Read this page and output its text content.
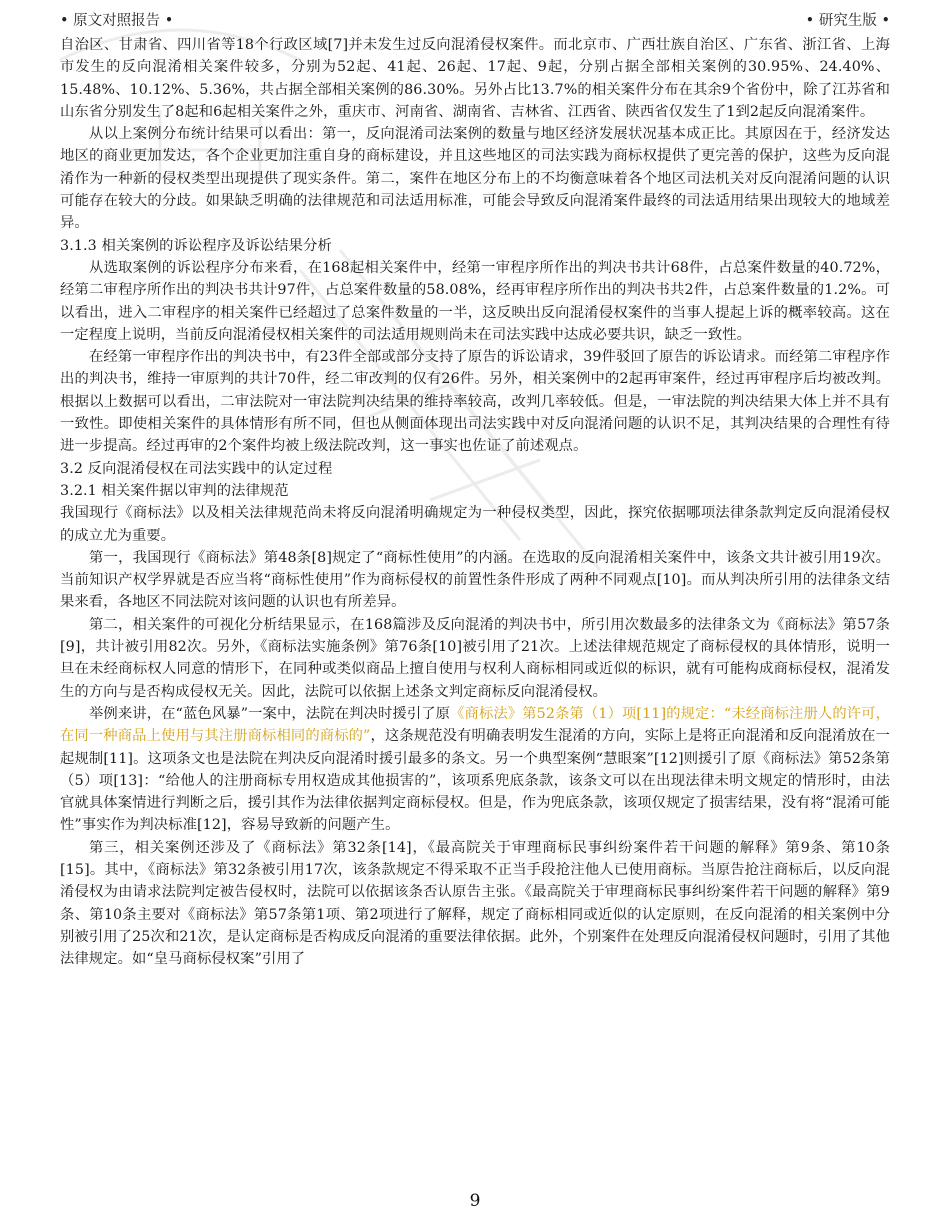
• 原文对照报告 •	• 研究生版 •

自治区、甘肃省、四川省等18个行政区域[7]并未发生过反向混淆侵权案件。而北京市、广西壮族自治区、广东省、浙江省、上海市发生的反向混淆相关案件较多，分别为52起、41起、26起、17起、9起，分别占据全部相关案例的30.95%、24.40%、15.48%、10.12%、5.36%，共占据全部相关案例的86.30%。另外占比13.7%的相关案件分布在其余9个省份中，除了江苏省和山东省分别发生了8起和6起相关案件之外，重庆市、河南省、湖南省、吉林省、江西省、陕西省仅发生了1到2起反向混淆案件。

从以上案例分布统计结果可以看出：第一，反向混淆司法案例的数量与地区经济发展状况基本成正比。其原因在于，经济发达地区的商业更加发达，各个企业更加注重自身的商标建设，并且这些地区的司法实践为商标权提供了更完善的保护，这些为反向混淆作为一种新的侵权类型出现提供了现实条件。第二，案件在地区分布上的不均衡意味着各个地区司法机关对反向混淆问题的认识可能存在较大的分歧。如果缺乏明确的法律规范和司法适用标准，可能会导致反向混淆案件最终的司法适用结果出现较大的地域差异。

3.1.3 相关案例的诉讼程序及诉讼结果分析

从选取案例的诉讼程序分布来看，在168起相关案件中，经第一审程序所作出的判决书共计68件，占总案件数量的40.72%，经第二审程序所作出的判决书共计97件，占总案件数量的58.08%，经再审程序所作出的判决书共2件，占总案件数量的1.2%。可以看出，进入二审程序的相关案件已经超过了总案件数量的一半，这反映出反向混淆侵权案件的当事人提起上诉的概率较高。这在一定程度上说明，当前反向混淆侵权相关案件的司法适用规则尚未在司法实践中达成必要共识，缺乏一致性。

在经第一审程序作出的判决书中，有23件全部或部分支持了原告的诉讼请求，39件驳回了原告的诉讼请求。而经第二审程序作出的判决书，维持一审原判的共计70件，经二审改判的仅有26件。另外，相关案例中的2起再审案件，经过再审程序后均被改判。根据以上数据可以看出，二审法院对一审法院判决结果的维持率较高，改判几率较低。但是，一审法院的判决结果大体上并不具有一致性。即使相关案件的具体情形有所不同，但也从侧面体现出司法实践中对反向混淆问题的认识不足，其判决结果的合理性有待进一步提高。经过再审的2个案件均被上级法院改判，这一事实也佐证了前述观点。

3.2 反向混淆侵权在司法实践中的认定过程

3.2.1 相关案件据以审判的法律规范

我国现行《商标法》以及相关法律规范尚未将反向混淆明确规定为一种侵权类型，因此，探究依据哪项法律条款判定反向混淆侵权的成立尤为重要。

第一，我国现行《商标法》第48条[8]规定了“商标性使用”的内涵。在选取的反向混淆相关案件中，该条文共计被引用19次。当前知识产权学界就是否应当将“商标性使用”作为商标侵权的前置性条件形成了两种不同观点[10]。而从判决所引用的法律条文结果来看，各地区不同法院对该问题的认识也有所差异。

第二，相关案件的可视化分析结果显示，在168篇涉及反向混淆的判决书中，所引用次数最多的法律条文为《商标法》第57条[9]，共计被引用82次。另外，《商标法实施条例》第76条[10]被引用了21次。上述法律规范规定了商标侵权的具体情形，说明一旦在未经商标权人同意的情形下，在同种或类似商品上擅自使用与权利人商标相同或近似的标识，就有可能构成商标侵权，混淆发生的方向与是否构成侵权无关。因此，法院可以依据上述条文判定商标反向混淆侵权。

举例来讲，在“蓝色风暴”一案中，法院在判决时援引了原《商标法》第52条第（1）项[11]的规定：“未经商标注册人的许可，在同一种商品上使用与其注册商标相同的商标的”，这条规范没有明确表明发生混淆的方向，实际上是将正向混淆和反向混淆放在一起规制[11]。这项条文也是法院在判决反向混淆时援引最多的条文。另一个典型案例“慧眼案”[12]则援引了原《商标法》第52条第（5）项[13]：“给他人的注册商标专用权造成其他损害的”，该项系兜底条款，该条文可以在出现法律未明文规定的情形时，由法官就具体案情进行判断之后，援引其作为法律依据判定商标侵权。但是，作为兜底条款，该项仅规定了损害结果，没有将“混淆可能性”事实作为判决标准[12]，容易导致新的问题产生。

第三，相关案例还涉及了《商标法》第32条[14]，《最高院关于审理商标民事纠纷案件若干问题的解释》第9条、第10条[15]。其中，《商标法》第32条被引用17次，该条款规定不得采取不正当手段抢注他人已使用商标。当原告抢注商标后，以反向混淆侵权为由请求法院判定被告侵权时，法院可以依据该条否认原告主张。《最高院关于审理商标民事纠纷案件若干问题的解释》第9条、第10条主要对《商标法》第57条第1项、第2项进行了解释，规定了商标相同或近似的认定原则，在反向混淆的相关案例中分别被引用了25次和21次，是认定商标是否构成反向混淆的重要法律依据。此外，个别案件在处理反向混淆侵权问题时，引用了其他法律规定。如“皇马商标侵权案”引用了

9
